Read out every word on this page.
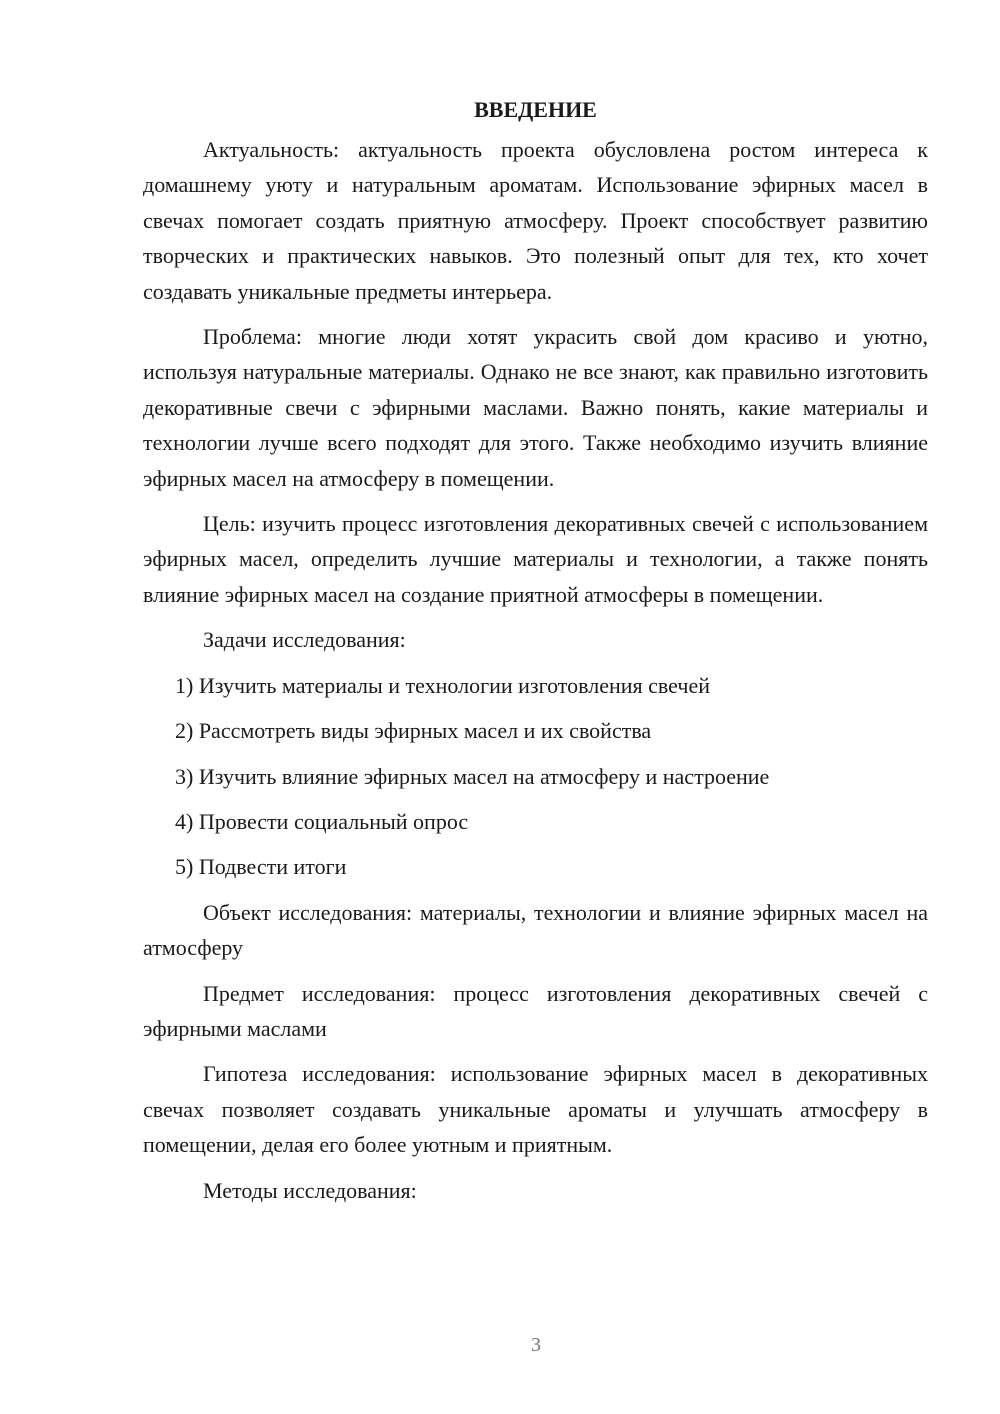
ВВЕДЕНИЕ

Актуальность: актуальность проекта обусловлена ростом интереса к домашнему уюту и натуральным ароматам. Использование эфирных масел в свечах помогает создать приятную атмосферу. Проект способствует развитию творческих и практических навыков. Это полезный опыт для тех, кто хочет создавать уникальные предметы интерьера.

Проблема: многие люди хотят украсить свой дом красиво и уютно, используя натуральные материалы. Однако не все знают, как правильно изготовить декоративные свечи с эфирными маслами. Важно понять, какие материалы и технологии лучше всего подходят для этого. Также необходимо изучить влияние эфирных масел на атмосферу в помещении.

Цель: изучить процесс изготовления декоративных свечей с использованием эфирных масел, определить лучшие материалы и технологии, а также понять влияние эфирных масел на создание приятной атмосферы в помещении.

Задачи исследования:

1) Изучить материалы и технологии изготовления свечей
2) Рассмотреть виды эфирных масел и их свойства
3) Изучить влияние эфирных масел на атмосферу и настроение
4) Провести социальный опрос
5) Подвести итоги

Объект исследования: материалы, технологии и влияние эфирных масел на атмосферу

Предмет исследования: процесс изготовления декоративных свечей с эфирными маслами

Гипотеза исследования: использование эфирных масел в декоративных свечах позволяет создавать уникальные ароматы и улучшать атмосферу в помещении, делая его более уютным и приятным.

Методы исследования:

3
